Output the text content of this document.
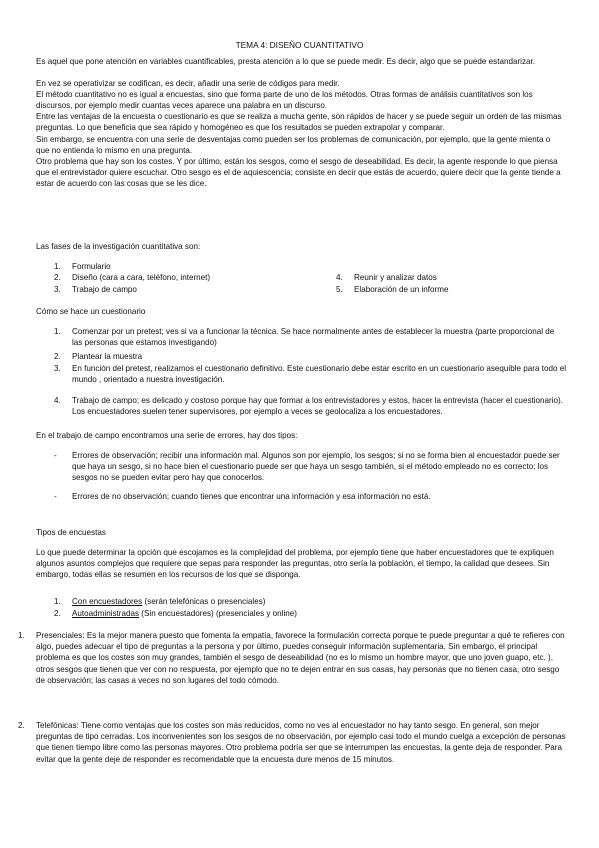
TEMA 4: DISEÑO CUANTITATIVO

Es aquel que pone atención en variables cuantificables, presta atención a lo que se puede medir. Es decir, algo que se puede estandarizar.

En vez se operativizar se codifican, es decir, añadir una serie de códigos para medir.

El método cuantitativo no es igual a encuestas, sino que forma parte de uno de los métodos. Otras formas de análisis cuantitativos son los discursos, por ejemplo medir cuantas veces aparece una palabra en un discurso.

Entre las ventajas de la encuesta o cuestionario es que se realiza a mucha gente, son rápidos de hacer y se puede seguir un orden de las mismas preguntas. Lo que beneficia que sea rápido y homogéneo es que los resultados se pueden extrapolar y comparar.

Sin embargo, se encuentra con una serie de desventajas como pueden ser los problemas de comunicación, por ejemplo, que la gente mienta o que no entienda lo mismo en una pregunta.

Otro problema que hay son los costes. Y por último, están los sesgos, como el sesgo de deseabilidad. Es decir, la agente responde lo que piensa que el entrevistador quiere escuchar. Otro sesgo es el de aquiescencia; consiste en decir que estás de acuerdo, quiere decir que la gente tiende a estar de acuerdo con las cosas que se les dice.

Las fases de la investigación cuantitativa son:

1. Formulario
2. Diseño (cara a cara, teléfono, internet)
3. Trabajo de campo
4. Reunir y analizar datos
5. Elaboración de un informe

Cómo se hace un cuestionario

1.	Comenzar por un pretest; ves si va a funcionar la técnica. Se hace normalmente antes de establecer la muestra (parte proporcional de las personas que estamos investigando)
2.	Plantear la muestra
3.	En función del pretest, realizamos el cuestionario definitivo. Este cuestionario debe estar escrito en un cuestionario asequible para todo el mundo , orientado a nuestra investigación.
4.	Trabajo de campo; es delicado y costoso porque hay que formar a los entrevistadores y estos, hacer la entrevista (hacer el cuestionario). Los encuestadores suelen tener supervisores, por ejemplo a veces se geolocaliza a los encuestadores.

En el trabajo de campo encontramos una serie de errores, hay dos tipos:

- Errores de observación; recibir una información mal. Algunos son por ejemplo, los sesgos; si no se forma bien al encuestador puede ser que haya un sesgo, si no hace bien el cuestionario puede ser que haya un sesgo también, si el método empleado no es correcto; los sesgos no se pueden evitar pero hay que conocerlos.
- Errores de no observación; cuando tienes que encontrar una información y esa información no está.

Tipos de encuestas

Lo que puede determinar la opción que escojamos es la complejidad del problema, por ejemplo tiene que haber encuestadores que te expliquen algunos asuntos complejos que requiere que sepas para responder las preguntas, otro sería la población, el tiempo, la calidad que desees. Sin embargo, todas ellas se resumen en los recursos de los que se disponga.

1. Con encuestadores (serán telefónicas o presenciales)
2. Autoadministradas (Sin encuestadores) (presenciales y online)
1. Presenciales: Es la mejor manera puesto que fomenta la empatía, favorece la formulación correcta porque te puede preguntar a qué te refieres con algo, puedes adecuar el tipo de preguntas a la persona y por último, puedes conseguir información suplementaria. Sin embargo, el principal problema es que los costes son muy grandes, también el sesgo de deseabilidad (no es lo mismo un hombre mayor, que uno joven guapo, etc. ), otros sesgos que tienen que ver con no respuesta, por ejemplo que no te dejen entrar en sus casas, hay personas que no tienen casa, otro sesgo de observación; las casas a veces no son lugares del todo cómodo.
2. Telefónicas: Tiene como ventajas que los costes son más reducidos, como no ves al encuestador no hay tanto sesgo. En general, son mejor preguntas de tipo cerradas. Los inconvenientes son los sesgos de no observación, por ejemplo casi todo el mundo cuelga a excepción de personas que tienen tiempo libre como las personas mayores. Otro problema podría ser que se interrumpen las encuestas, la gente deja de responder. Para evitar que la gente deje de responder es recomendable que la encuesta dure menos de 15 minutos.
